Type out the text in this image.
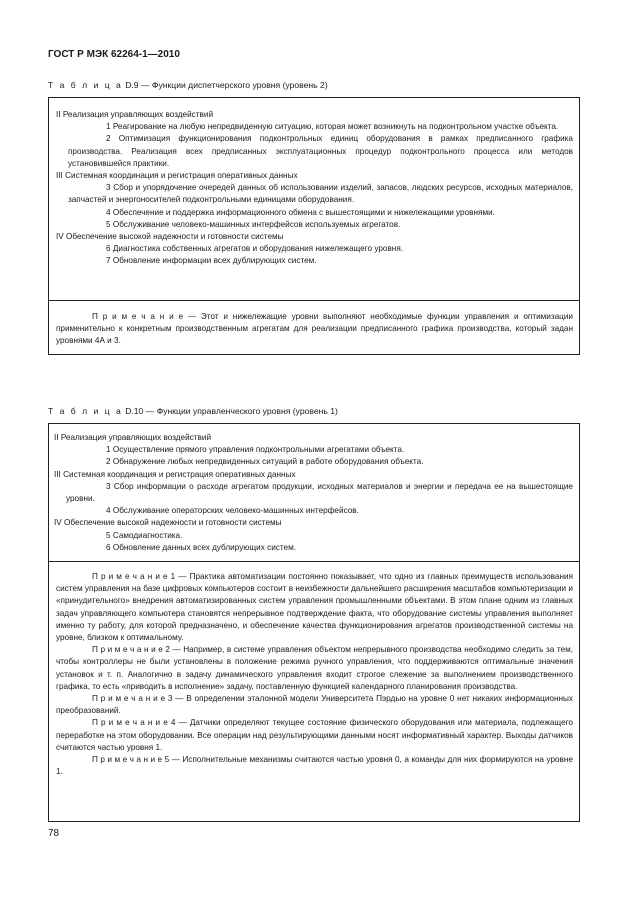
ГОСТ Р МЭК 62264-1—2010
Т а б л и ц а D.9 — Функции диспетчерского уровня (уровень 2)
II Реализация управляющих воздействий
1 Реагирование на любую непредвиденную ситуацию, которая может возникнуть на подконтрольном участке объекта.
2 Оптимизация функционирования подконтрольных единиц оборудования в рамках предписанного графика производства. Реализация всех предписанных эксплуатационных процедур подконтрольного процесса или методов установившейся практики.
III Системная координация и регистрация оперативных данных
3 Сбор и упорядочение очередей данных об использовании изделий, запасов, людских ресурсов, исходных материалов, запчастей и энергоносителей подконтрольными единицами оборудования.
4 Обеспечение и поддержка информационного обмена с вышестоящими и нижележащими уровнями.
5 Обслуживание человеко-машинных интерфейсов используемых агрегатов.
IV Обеспечение высокой надежности и готовности системы
6 Диагностика собственных агрегатов и оборудования нижележащего уровня.
7 Обновление информации всех дублирующих систем.
П р и м е ч а н и е — Этот и нижележащие уровни выполняют необходимые функции управления и оптимизации применительно к конкретным производственным агрегатам для реализации предписанного графика производства, который задан уровнями 4А и 3.
Т а б л и ц а D.10 — Функции управленческого уровня (уровень 1)
II Реализация управляющих воздействий
1 Осуществление прямого управления подконтрольными агрегатами объекта.
2 Обнаружение любых непредвиденных ситуаций в работе оборудования объекта.
III Системная координация и регистрация оперативных данных
3 Сбор информации о расходе агрегатом продукции, исходных материалов и энергии и передача ее на вышестоящие уровни.
4 Обслуживание операторских человеко-машинных интерфейсов.
IV Обеспечение высокой надежности и готовности системы
5 Самодиагностика.
6 Обновление данных всех дублирующих систем.
П р и м е ч а н и е 1 — Практика автоматизации постоянно показывает, что одно из главных преимуществ использования систем управления на базе цифровых компьютеров состоит в неизбежности дальнейшего расширения масштабов компьютеризации и «принудительного» внедрения автоматизированных систем управления промышленными объектами. В этом плане одним из главных задач управляющего компьютера становятся непрерывное подтверждение факта, что оборудование системы управления выполняет именно ту работу, для которой предназначено, и обеспечение качества функционирования агрегатов производственной системы на уровне, близком к оптимальному.
П р и м е ч а н и е 2 — Например, в системе управления объектом непрерывного производства необходимо следить за тем, чтобы контроллеры не были установлены в положение режима ручного управления, что поддерживаются оптимальные значения установок и т. п. Аналогично в задачу динамического управления входит строгое слежение за выполнением производственного графика, то есть «приводить в исполнение» задачу, поставленную функцией календарного планирования производства.
П р и м е ч а н и е 3 — В определении эталонной модели Университета Пэрдью на уровне 0 нет никаких информационных преобразований.
П р и м е ч а н и е 4 — Датчики определяют текущее состояние физического оборудования или материала, подлежащего переработке на этом оборудовании. Все операции над результирующими данными носят информативный характер. Выходы датчиков считаются частью уровня 1.
П р и м е ч а н и е 5 — Исполнительные механизмы считаются частью уровня 0, а команды для них формируются на уровне 1.
78
